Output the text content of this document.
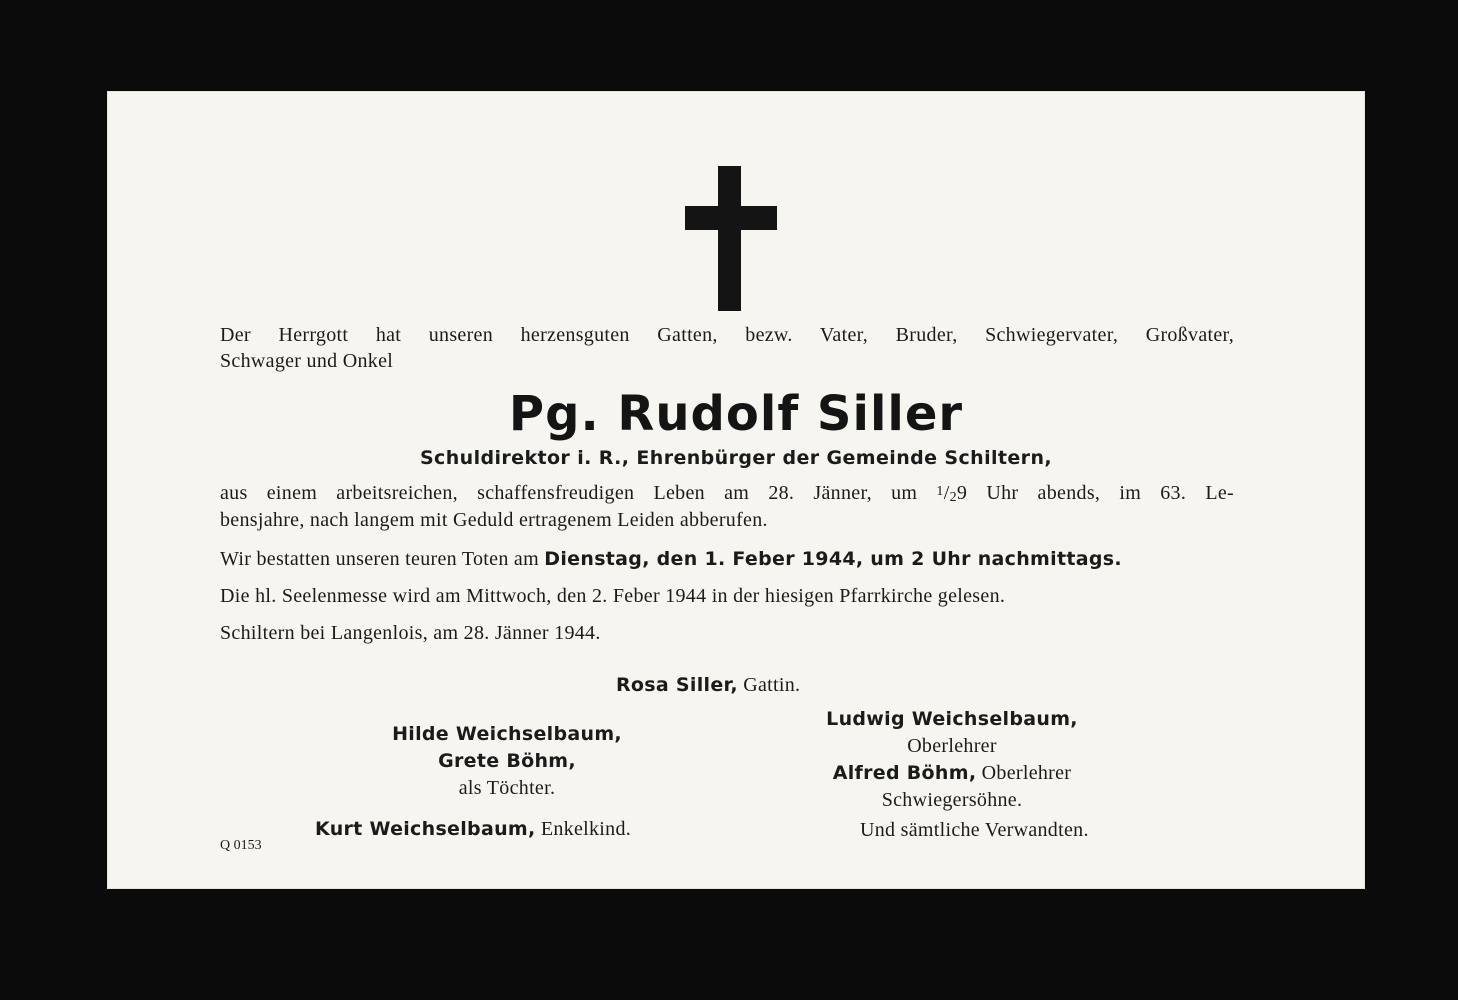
Der Herrgott hat unseren herzensguten Gatten, bezw. Vater, Bruder, Schwiegervater, Großvater,
Schwager und Onkel
Pg. Rudolf Siller
Schuldirektor i. R., Ehrenbürger der Gemeinde Schiltern,
aus einem arbeitsreichen, schaffensfreudigen Leben am 28. Jänner, um $^1$/29 Uhr abends, im 63. Le-
bensjahre, nach langem mit Geduld ertragenem Leiden abberufen.
Wir bestatten unseren teuren Toten am Dienstag, den 1. Feber 1944, um 2 Uhr nachmittags.
Die hl. Seelenmesse wird am Mittwoch, den 2. Feber 1944 in der hiesigen Pfarrkirche gelesen.
Schiltern bei Langenlois, am 28. Jänner 1944.
Rosa Siller, Gattin.
Hilde Weichselbaum,
Grete Böhm,
als Töchter.
Ludwig Weichselbaum,
Oberlehrer
Alfred Böhm, Oberlehrer
Schwiegersöhne.
Kurt Weichselbaum, Enkelkind.	Und sämtliche Verwandten.
Q 0153
